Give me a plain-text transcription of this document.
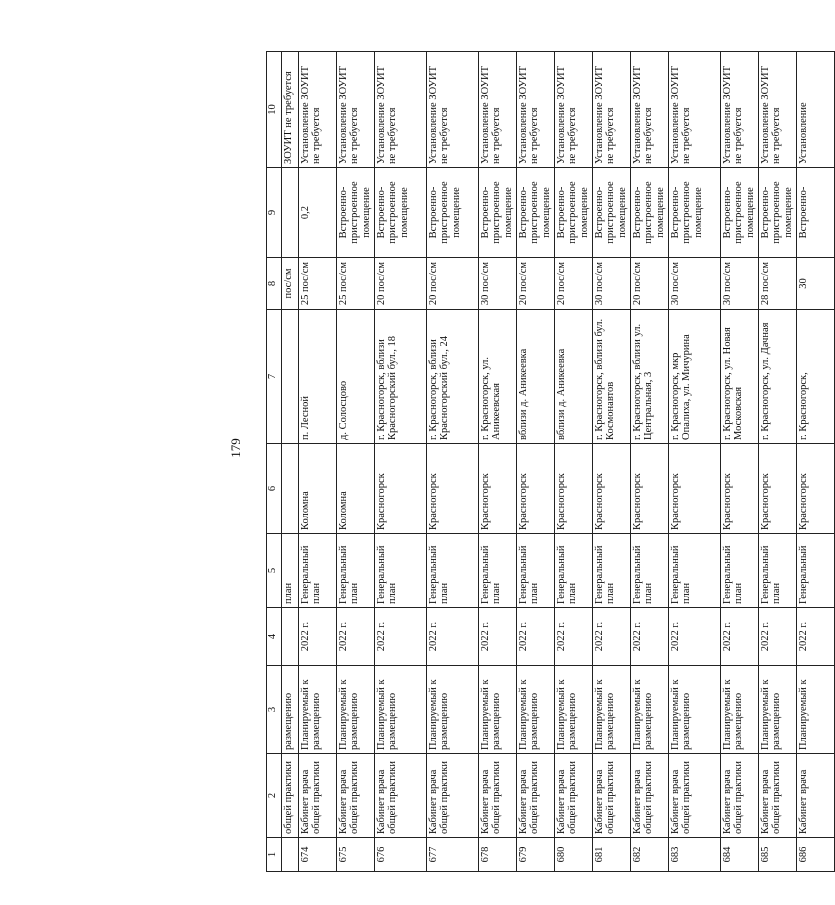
179
1	2	3	4	5	6	7	8	9	10
	общей практики	размещению		план			пос/см		ЗОУИТ не требуется
674	Кабинет врача общей практики	Планируемый к размещению	2022 г.	Генеральный план	Коломна	п. Лесной	25 пос/см	0,2	Установление ЗОУИТ не требуется
675	Кабинет врача общей практики	Планируемый к размещению	2022 г.	Генеральный план	Коломна	д. Солосцово	25 пос/см	Встроенно-пристроенное помещение	Установление ЗОУИТ не требуется
676	Кабинет врача общей практики	Планируемый к размещению	2022 г.	Генеральный план	Красногорск	г. Красногорск, вблизи Красногорский бул., 18	20 пос/см	Встроенно-пристроенное помещение	Установление ЗОУИТ не требуется
677	Кабинет врача общей практики	Планируемый к размещению	2022 г.	Генеральный план	Красногорск	г. Красногорск, вблизи Красногорский бул., 24	20 пос/см	Встроенно-пристроенное помещение	Установление ЗОУИТ не требуется
678	Кабинет врача общей практики	Планируемый к размещению	2022 г.	Генеральный план	Красногорск	г. Красногорск, ул. Аникеевская	30 пос/см	Встроенно-пристроенное помещение	Установление ЗОУИТ не требуется
679	Кабинет врача общей практики	Планируемый к размещению	2022 г.	Генеральный план	Красногорск	вблизи д. Аникеевка	20 пос/см	Встроенно-пристроенное помещение	Установление ЗОУИТ не требуется
680	Кабинет врача общей практики	Планируемый к размещению	2022 г.	Генеральный план	Красногорск	вблизи д. Аникеевка	20 пос/см	Встроенно-пристроенное помещение	Установление ЗОУИТ не требуется
681	Кабинет врача общей практики	Планируемый к размещению	2022 г.	Генеральный план	Красногорск	г. Красногорск, вблизи бул. Космонавтов	30 пос/см	Встроенно-пристроенное помещение	Установление ЗОУИТ не требуется
682	Кабинет врача общей практики	Планируемый к размещению	2022 г.	Генеральный план	Красногорск	г. Красногорск, вблизи ул. Центральная, 3	20 пос/см	Встроенно-пристроенное помещение	Установление ЗОУИТ не требуется
683	Кабинет врача общей практики	Планируемый к размещению	2022 г.	Генеральный план	Красногорск	г. Красногорск, мкр Опалиха, ул. Мичурина	30 пос/см	Встроенно-пристроенное помещение	Установление ЗОУИТ не требуется
684	Кабинет врача общей практики	Планируемый к размещению	2022 г.	Генеральный план	Красногорск	г. Красногорск, ул. Новая Московская	30 пос/см	Встроенно-пристроенное помещение	Установление ЗОУИТ не требуется
685	Кабинет врача общей практики	Планируемый к размещению	2022 г.	Генеральный план	Красногорск	г. Красногорск, ул. Дачная	28 пос/см	Встроенно-пристроенное помещение	Установление ЗОУИТ не требуется
686	Кабинет врача	Планируемый к	2022 г.	Генеральный	Красногорск	г. Красногорск,	30	Встроенно-	Установление
